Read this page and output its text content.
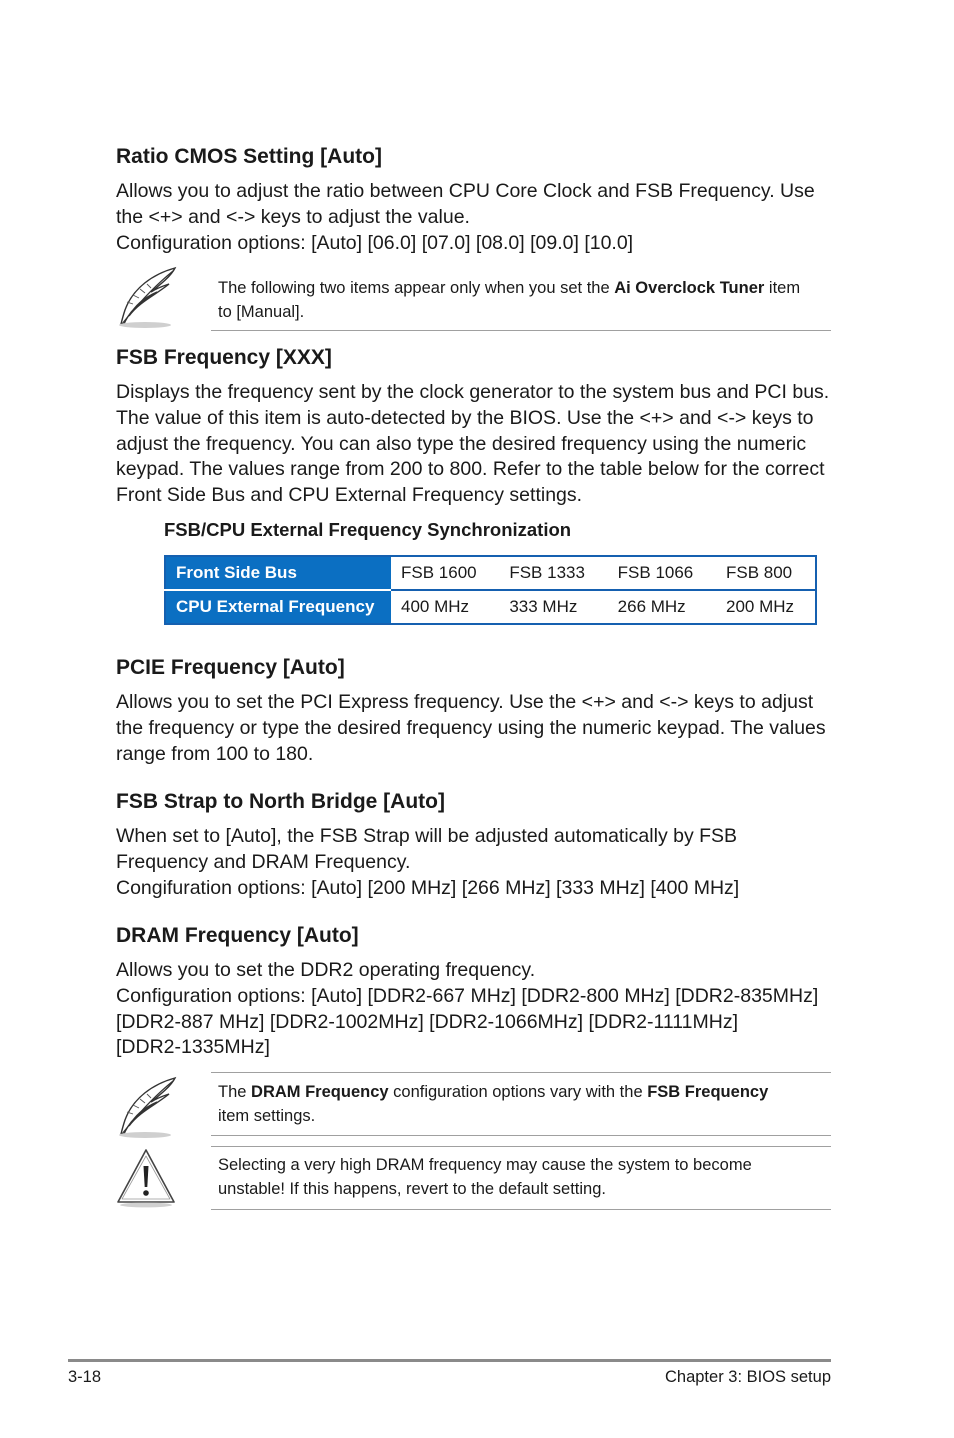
Ratio CMOS Setting [Auto]
Allows you to adjust the ratio between CPU Core Clock and FSB Frequency. Use
the <+> and <-> keys to adjust the value.
Configuration options: [Auto] [06.0] [07.0] [08.0] [09.0] [10.0]
The following two items appear only when you set the Ai Overclock Tuner item
to [Manual].
FSB Frequency [XXX]
Displays the frequency sent by the clock generator to the system bus and PCI bus.
The value of this item is auto-detected by the BIOS. Use the <+> and <-> keys to
adjust the frequency. You can also type the desired frequency using the numeric
keypad. The values range from 200 to 800. Refer to the table below for the correct
Front Side Bus and CPU External Frequency settings.
FSB/CPU External Frequency Synchronization
Front Side Bus	FSB 1600	FSB 1333	FSB 1066	FSB 800
CPU External Frequency	400 MHz	333 MHz	266 MHz	200 MHz
PCIE Frequency [Auto]
Allows you to set the PCI Express frequency. Use the <+> and <-> keys to adjust
the frequency or type the desired frequency using the numeric keypad. The values
range from 100 to 180.
FSB Strap to North Bridge [Auto]
When set to [Auto], the FSB Strap will be adjusted automatically by FSB
Frequency and DRAM Frequency.
Congifuration options: [Auto] [200 MHz] [266 MHz] [333 MHz] [400 MHz]
DRAM Frequency [Auto]
Allows you to set the DDR2 operating frequency.
Configuration options: [Auto] [DDR2-667 MHz] [DDR2-800 MHz] [DDR2-835MHz]
[DDR2-887 MHz] [DDR2-1002MHz] [DDR2-1066MHz] [DDR2-1111MHz]
[DDR2-1335MHz]
The DRAM Frequency configuration options vary with the FSB Frequency
item settings.
Selecting a very high DRAM frequency may cause the system to become
unstable! If this happens, revert to the default setting.
3-18	Chapter 3: BIOS setup
